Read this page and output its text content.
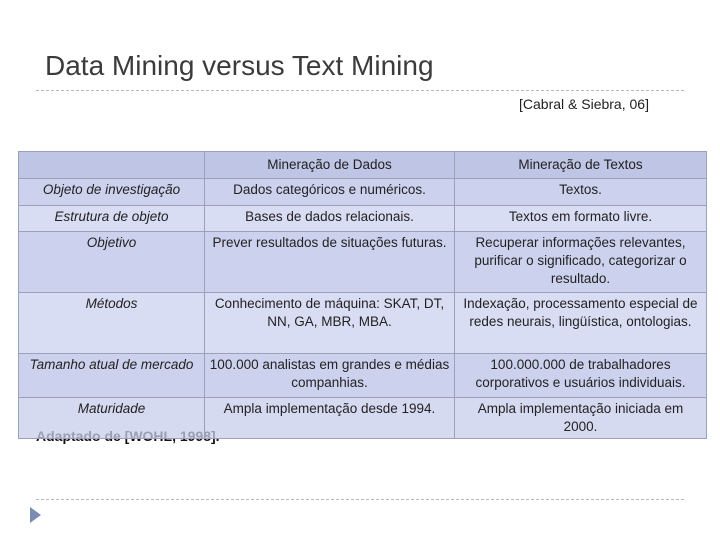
Data Mining versus Text Mining
[Cabral & Siebra, 06]
	Mineração de Dados	Mineração de Textos
Objeto de investigação	Dados categóricos e numéricos.	Textos.
Estrutura de objeto	Bases de dados relacionais.	Textos em formato livre.
Objetivo	Prever resultados de situações futuras.	Recuperar informações relevantes, purificar o significado, categorizar o resultado.
Métodos	Conhecimento de máquina: SKAT, DT, NN, GA, MBR, MBA.	Indexação, processamento especial de redes neurais, lingüística, ontologias.
Tamanho atual de mercado	100.000 analistas em grandes e médias companhias.	100.000.000 de trabalhadores corporativos e usuários individuais.
Maturidade	Ampla implementação desde 1994.	Ampla implementação iniciada em 2000.
